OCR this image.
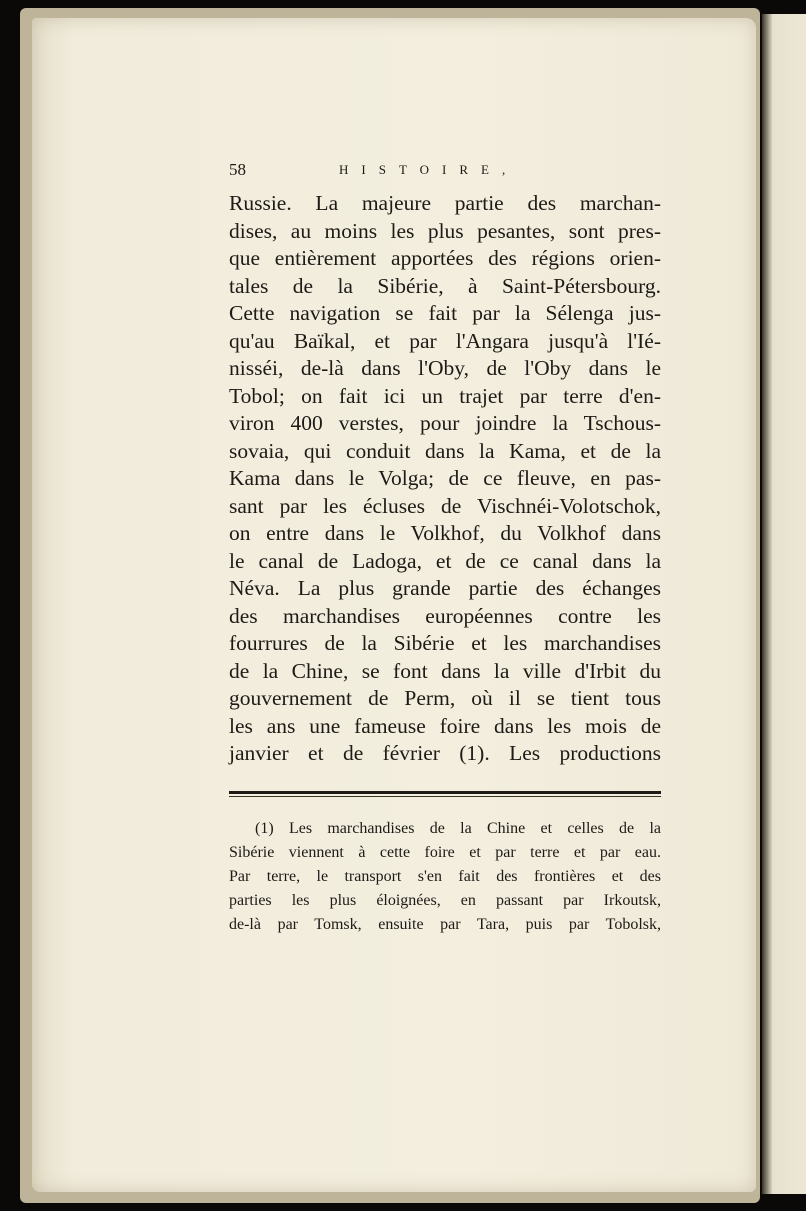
58	HISTOIRE,
Russie. La majeure partie des marchan-
dises, au moins les plus pesantes, sont pres-
que entièrement apportées des régions orien-
tales de la Sibérie, à Saint-Pétersbourg.
Cette navigation se fait par la Sélenga jus-
qu'au Baïkal, et par l'Angara jusqu'à l'Ié-
nisséi, de-là dans l'Oby, de l'Oby dans le
Tobol; on fait ici un trajet par terre d'en-
viron 400 verstes, pour joindre la Tschous-
sovaia, qui conduit dans la Kama, et de la
Kama dans le Volga; de ce fleuve, en pas-
sant par les écluses de Vischnéi-Volotschok,
on entre dans le Volkhof, du Volkhof dans
le canal de Ladoga, et de ce canal dans la
Néva. La plus grande partie des échanges
des marchandises européennes contre les
fourrures de la Sibérie et les marchandises
de la Chine, se font dans la ville d'Irbit du
gouvernement de Perm, où il se tient tous
les ans une fameuse foire dans les mois de
janvier et de février (1). Les productions
(1) Les marchandises de la Chine et celles de la
Sibérie viennent à cette foire et par terre et par eau.
Par terre, le transport s'en fait des frontières et des
parties les plus éloignées, en passant par Irkoutsk,
de-là par Tomsk, ensuite par Tara, puis par Tobolsk,
